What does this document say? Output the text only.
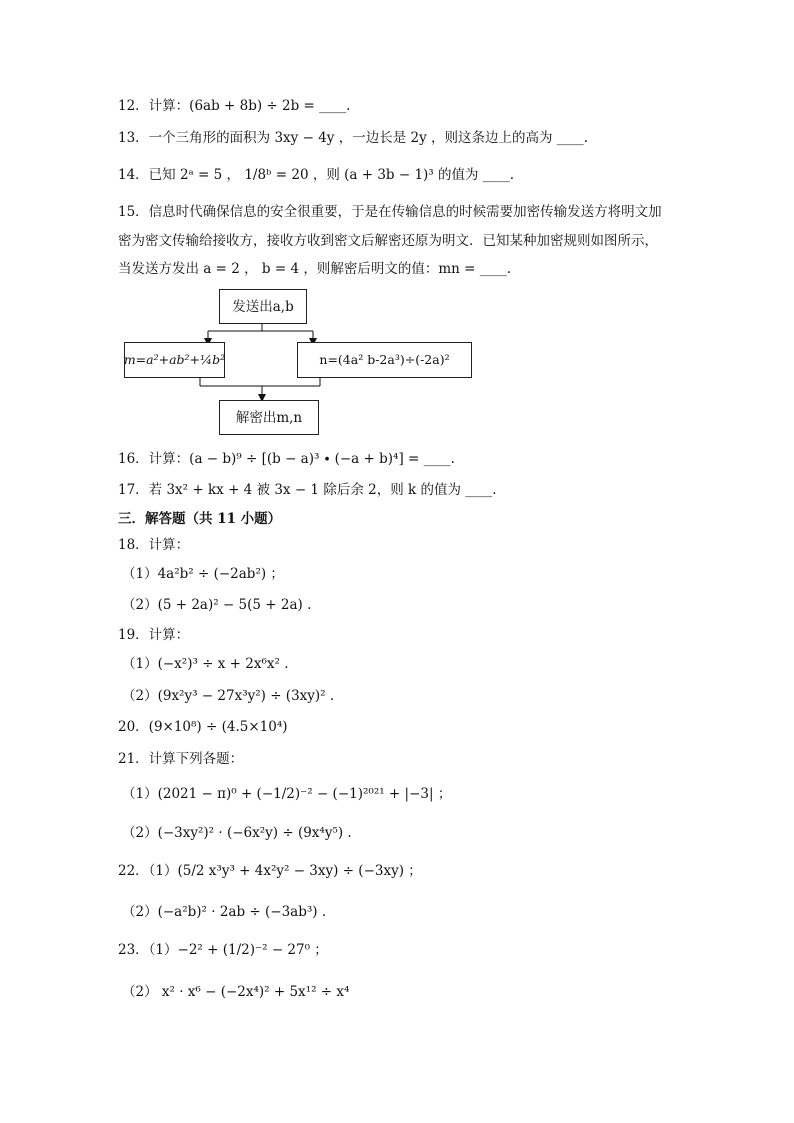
12．计算：(6ab + 8b) ÷ 2b = ____.
13．一个三角形的面积为 3xy − 4y ，一边长是 2y ，则这条边上的高为 ____.
14．已知 2ᵃ = 5 ， 1/8ᵇ = 20 ，则 (a + 3b − 1)³ 的值为 ____.
15．信息时代确保信息的安全很重要，于是在传输信息的时候需要加密传输发送方将明文加
密为密文传输给接收方，接收方收到密文后解密还原为明文．已知某种加密规则如图所示，
当发送方发出 a = 2 ， b = 4 ，则解密后明文的值：mn = ____.
发送出a,b
m=a²+ab²+¼b²	n=(4a² b-2a³)÷(-2a)²
解密出m,n
16．计算：(a − b)⁹ ÷ [(b − a)³ ∙ (−a + b)⁴] = ____.
17．若 3x² + kx + 4 被 3x − 1 除后余 2，则 k 的值为 ____.
三．解答题（共 11 小题）
18．计算：
（1）4a²b² ÷ (−2ab²) ；
（2）(5 + 2a)² − 5(5 + 2a) .
19．计算：
（1）(−x²)³ ÷ x + 2x⁶x² .
（2）(9x²y³ − 27x³y²) ÷ (3xy)² .
20．(9×10⁸) ÷ (4.5×10⁴)
21．计算下列各题：
（1）(2021 − π)⁰ + (−1/2)⁻² − (−1)²⁰²¹ + |−3| ；
（2）(−3xy²)² · (−6x²y) ÷ (9x⁴y⁵) .
22．（1）(5/2 x³y³ + 4x²y² − 3xy) ÷ (−3xy) ；
（2）(−a²b)² · 2ab ÷ (−3ab³) .
23．（1）−2² + (1/2)⁻² − 27⁰ ；
（2） x² · x⁶ − (−2x⁴)² + 5x¹² ÷ x⁴
